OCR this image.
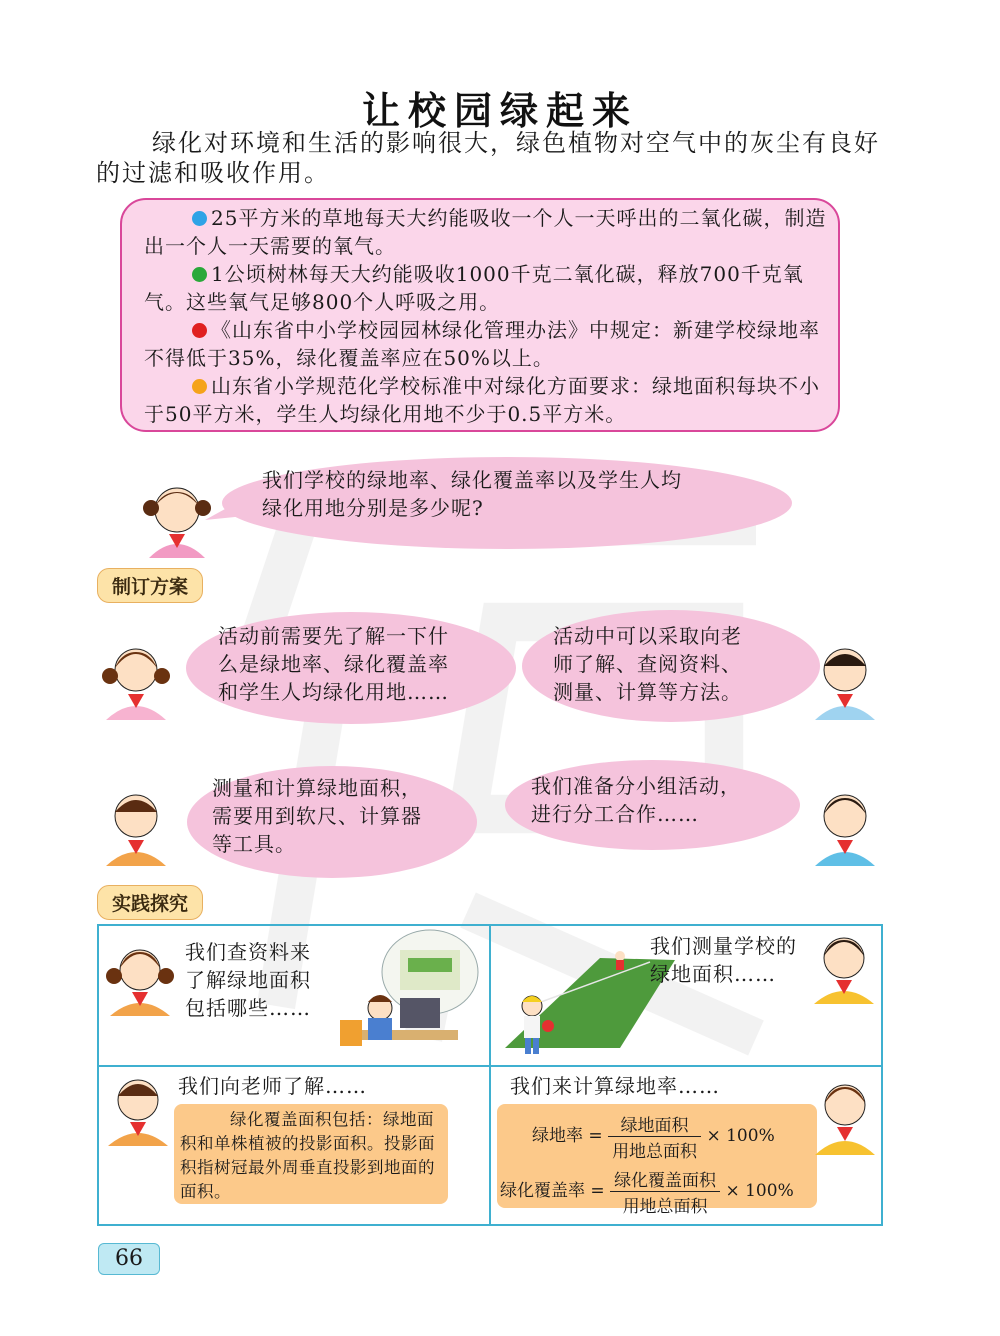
让校园绿起来
绿化对环境和生活的影响很大，绿色植物对空气中的灰尘有良好的过滤和吸收作用。

25平方米的草地每天大约能吸收一个人一天呼出的二氧化碳，制造出一个人一天需要的氧气。

1公顷树林每天大约能吸收1000千克二氧化碳，释放700千克氧气。这些氧气足够800个人呼吸之用。

《山东省中小学校园园林绿化管理办法》中规定：新建学校绿地率不得低于35%，绿化覆盖率应在50%以上。

山东省小学规范化学校标准中对绿化方面要求：绿地面积每块不小于50平方米，学生人均绿化用地不少于0.5平方米。

我们学校的绿地率、绿化覆盖率以及学生人均
绿化用地分别是多少呢?
制订方案
活动前需要先了解一下什
么是绿地率、绿化覆盖率
和学生人均绿化用地……
活动中可以采取向老
师了解、查阅资料、
测量、计算等方法。
测量和计算绿地面积，
需要用到软尺、计算器
等工具。
我们准备分小组活动，
进行分工合作……
实践探究
我们查资料来
了解绿地面积
包括哪些……
我们测量学校的
绿地面积……
我们向老师了解……
绿化覆盖面积包括：绿地面积和单株植被的投影面积。投影面积指树冠最外周垂直投影到地面的面积。
我们来计算绿地率……
绿地率 = $\frac{\text{绿地面积}}{\text{用地总面积}} \times 100\%$
绿化覆盖率 = $\frac{\text{绿化覆盖面积}}{\text{用地总面积}} \times 100\%$
66
